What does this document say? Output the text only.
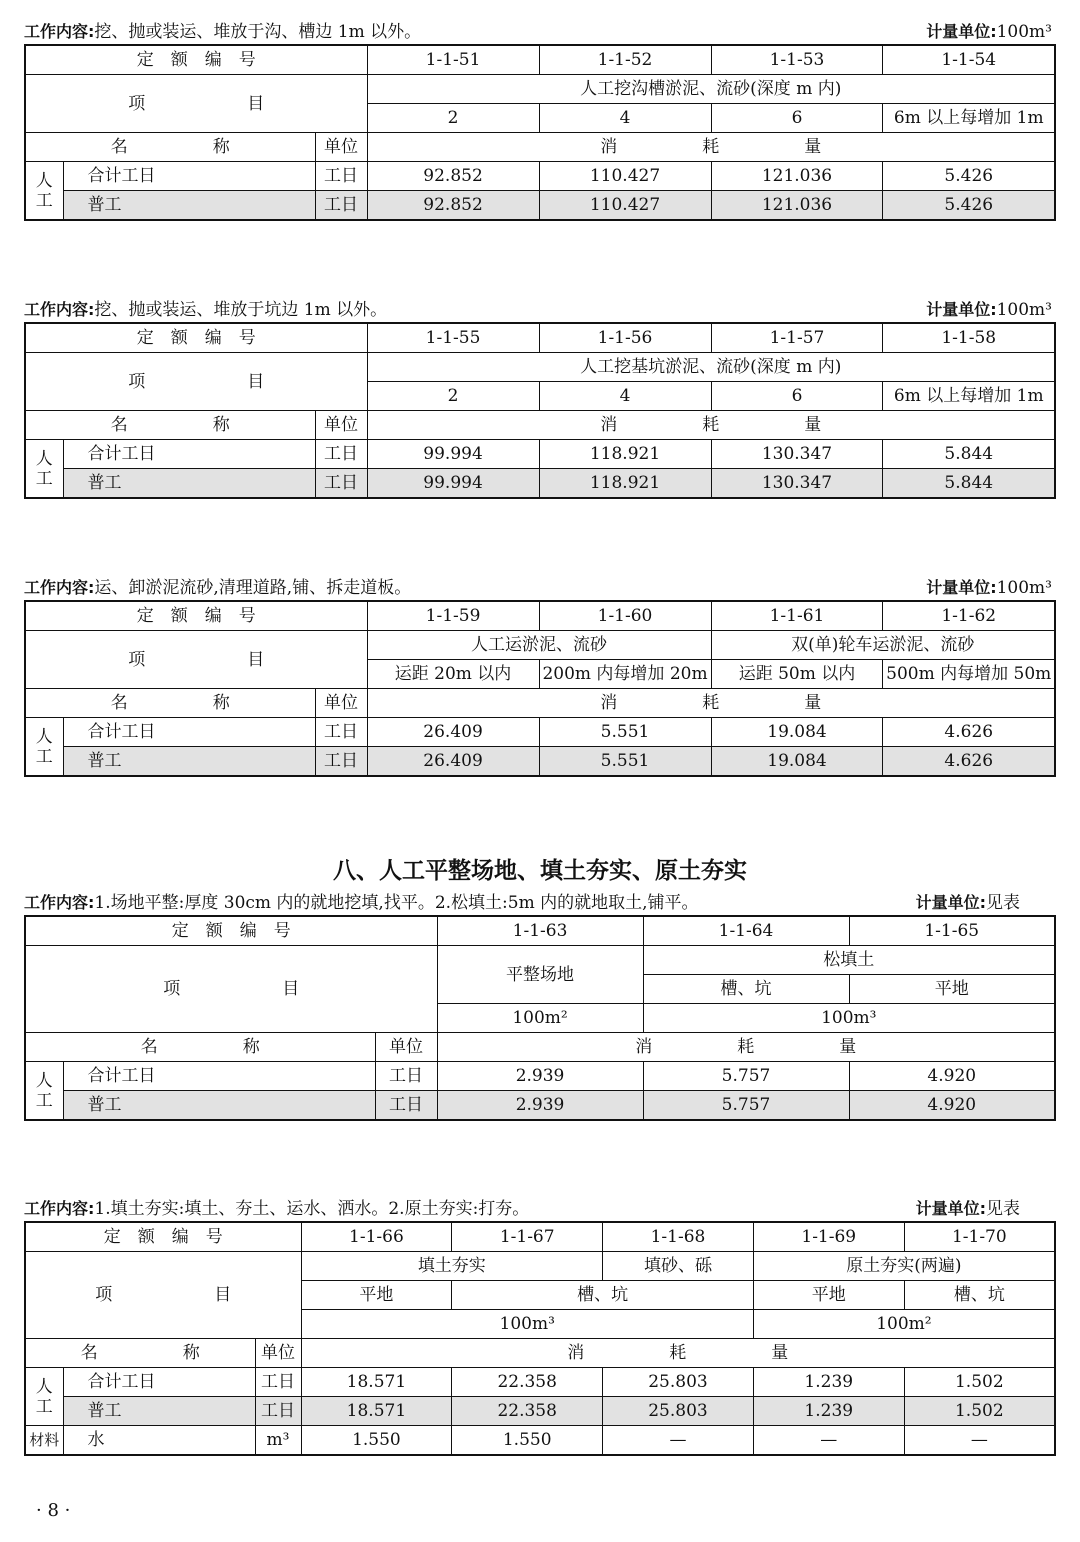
工作内容:挖、抛或装运、堆放于沟、槽边 1m 以外。	计量单位:100m³
定　额　编　号			1-1-51	1-1-52	1-1-53	1-1-54
项　　　　　　目			人工挖沟槽淤泥、流砂(深度 m 内)			
			2	4	6	6m 以上每增加 1m
名　　　　　称		单位	消　　　　　耗　　　　　量			
人
工	合计工日	工日	92.852	110.427	121.036	5.426
	普工	工日	92.852	110.427	121.036	5.426
工作内容:挖、抛或装运、堆放于坑边 1m 以外。	计量单位:100m³
定　额　编　号			1-1-55	1-1-56	1-1-57	1-1-58
项　　　　　　目			人工挖基坑淤泥、流砂(深度 m 内)			
			2	4	6	6m 以上每增加 1m
名　　　　　称		单位	消　　　　　耗　　　　　量			
人
工	合计工日	工日	99.994	118.921	130.347	5.844
	普工	工日	99.994	118.921	130.347	5.844
工作内容:运、卸淤泥流砂,清理道路,铺、拆走道板。	计量单位:100m³
定　额　编　号			1-1-59	1-1-60	1-1-61	1-1-62
项　　　　　　目			人工运淤泥、流砂		双(单)轮车运淤泥、流砂	
			运距 20m 以内	200m 内每增加 20m	运距 50m 以内	500m 内每增加 50m
名　　　　　称		单位	消　　　　　耗　　　　　量			
人
工	合计工日	工日	26.409	5.551	19.084	4.626
	普工	工日	26.409	5.551	19.084	4.626
八、人工平整场地、填土夯实、原土夯实
工作内容:1.场地平整:厚度 30cm 内的就地挖填,找平。2.松填土:5m 内的就地取土,铺平。	计量单位:见表
定　额　编　号			1-1-63	1-1-64	1-1-65
项　　　　　　目			平整场地	松填土	
				槽、坑	平地
			100m²	100m³	
名　　　　　称		单位	消　　　　　耗　　　　　量		
人
工	合计工日	工日	2.939	5.757	4.920
	普工	工日	2.939	5.757	4.920
工作内容:1.填土夯实:填土、夯土、运水、洒水。2.原土夯实:打夯。	计量单位:见表
定　额　编　号			1-1-66	1-1-67	1-1-68	1-1-69	1-1-70
项　　　　　　目			填土夯实		填砂、砾	原土夯实(两遍)	
			平地	槽、坑		平地	槽、坑
			100m³			100m²	
名　　　　　称		单位	消　　　　　耗　　　　　量				
人
工	合计工日	工日	18.571	22.358	25.803	1.239	1.502
	普工	工日	18.571	22.358	25.803	1.239	1.502
材料	水	m³	1.550	1.550	—	—	—
· 8 ·
